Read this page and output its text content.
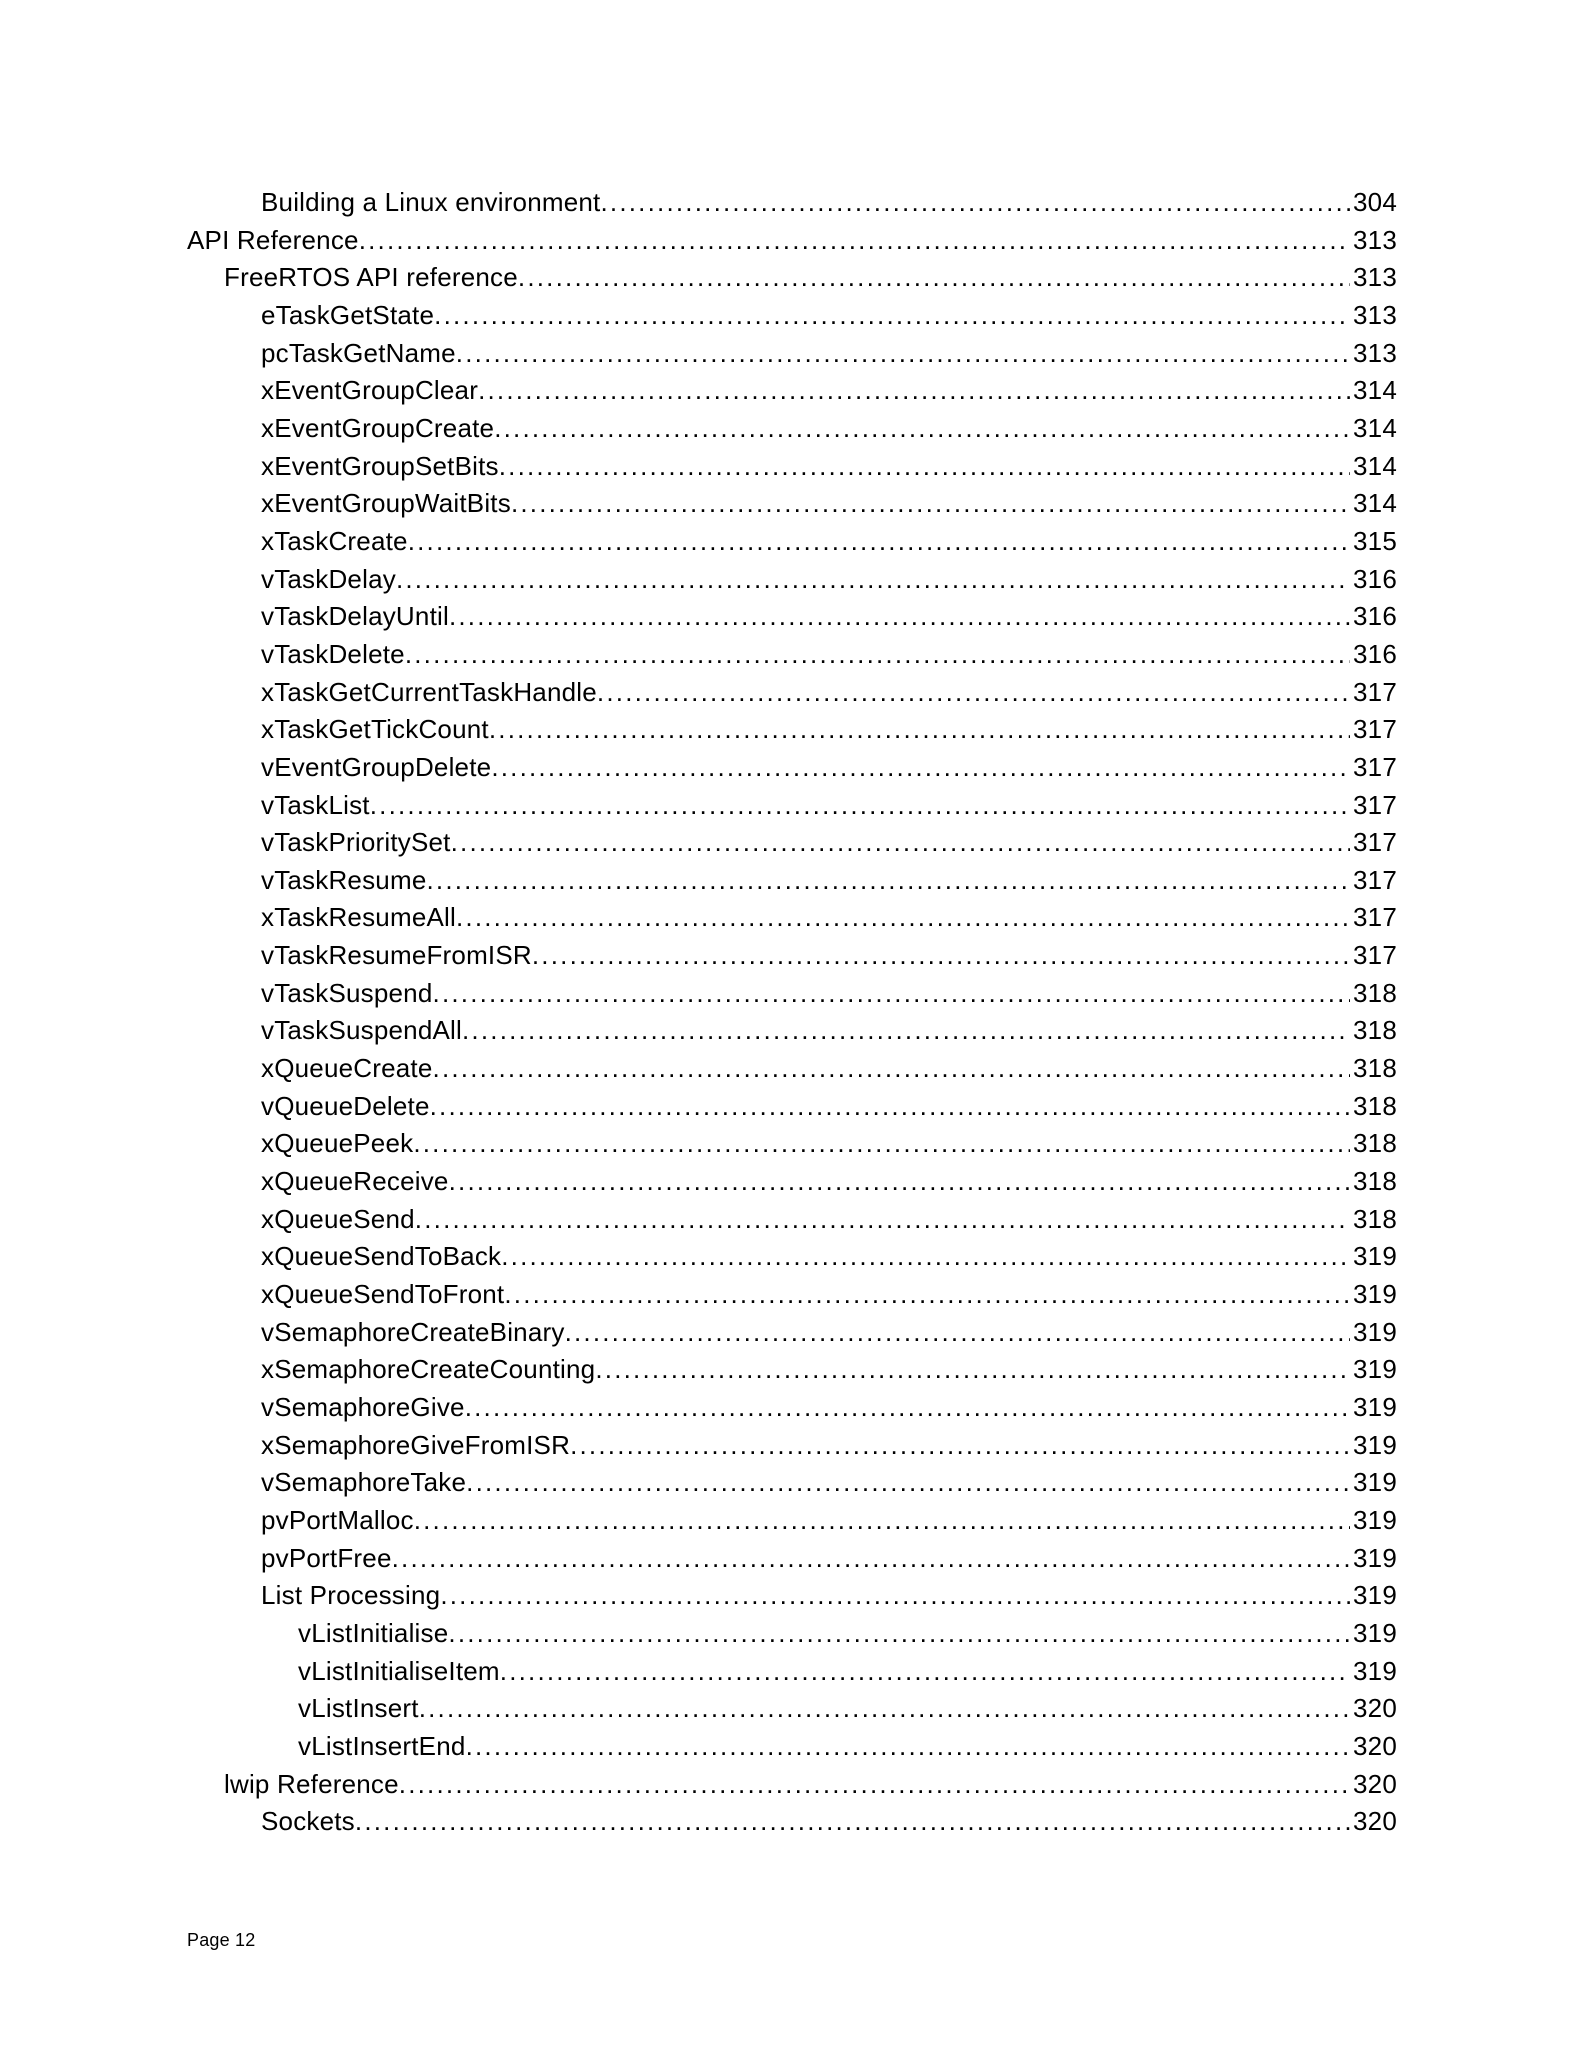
Building a Linux environment .....	304
API Reference .....	313
FreeRTOS API reference .....	313
eTaskGetState .....	313
pcTaskGetName .....	313
xEventGroupClear .....	314
xEventGroupCreate .....	314
xEventGroupSetBits .....	314
xEventGroupWaitBits .....	314
xTaskCreate .....	315
vTaskDelay .....	316
vTaskDelayUntil .....	316
vTaskDelete .....	316
xTaskGetCurrentTaskHandle .....	317
xTaskGetTickCount .....	317
vEventGroupDelete .....	317
vTaskList .....	317
vTaskPrioritySet .....	317
vTaskResume .....	317
xTaskResumeAll .....	317
vTaskResumeFromISR .....	317
vTaskSuspend .....	318
vTaskSuspendAll .....	318
xQueueCreate .....	318
vQueueDelete .....	318
xQueuePeek .....	318
xQueueReceive .....	318
xQueueSend .....	318
xQueueSendToBack .....	319
xQueueSendToFront .....	319
vSemaphoreCreateBinary .....	319
xSemaphoreCreateCounting .....	319
vSemaphoreGive .....	319
xSemaphoreGiveFromISR .....	319
vSemaphoreTake .....	319
pvPortMalloc .....	319
pvPortFree .....	319
List Processing .....	319
vListInitialise .....	319
vListInitialiseItem .....	319
vListInsert .....	320
vListInsertEnd .....	320
lwip Reference .....	320
Sockets .....	320
Page 12
